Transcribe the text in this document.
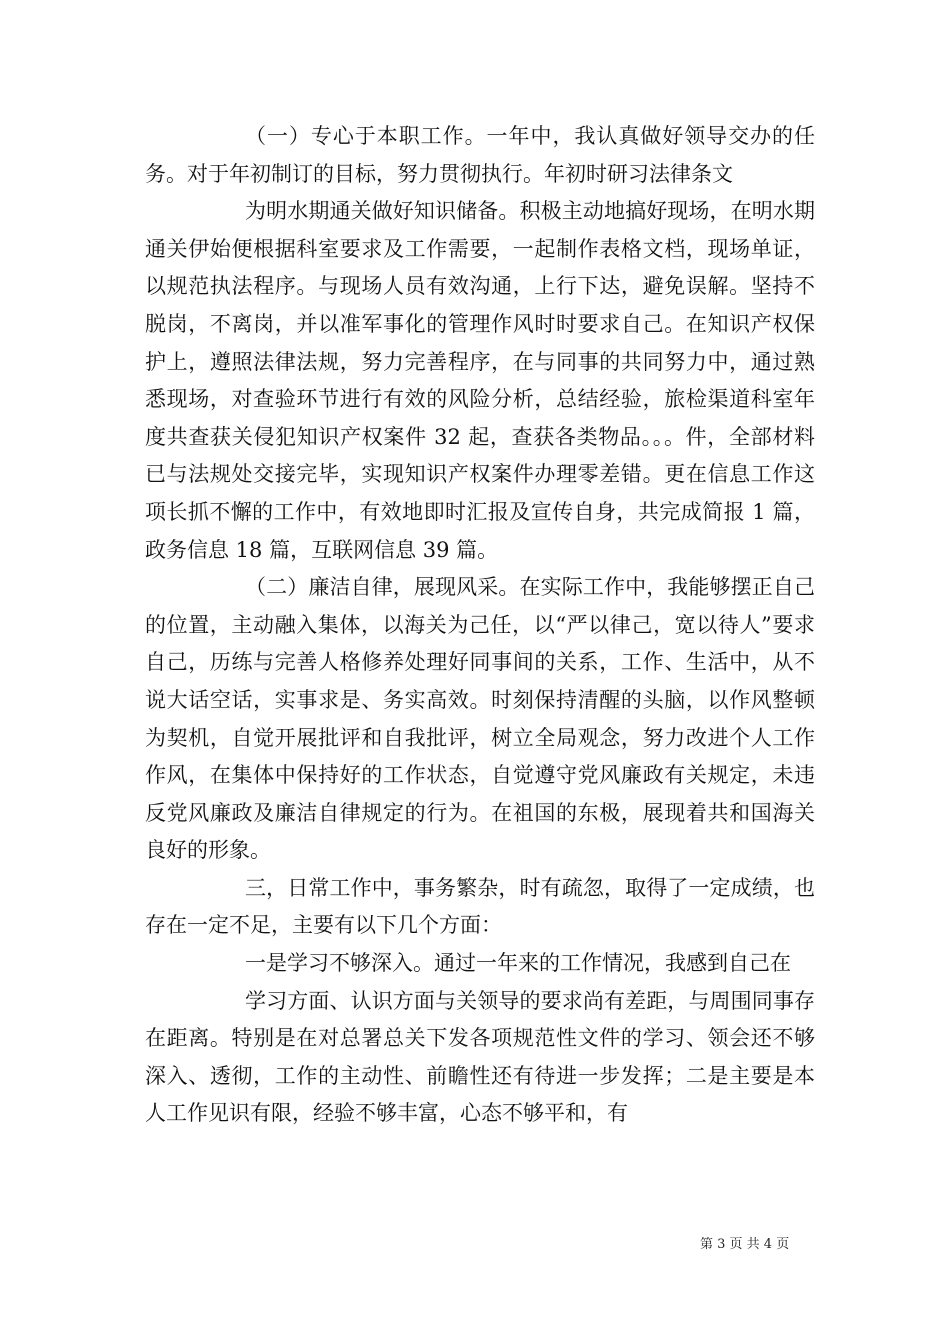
（一）专心于本职工作。一年中，我认真做好领导交办的任务。对于年初制订的目标，努力贯彻执行。年初时研习法律条文

为明水期通关做好知识储备。积极主动地搞好现场，在明水期通关伊始便根据科室要求及工作需要，一起制作表格文档，现场单证，以规范执法程序。与现场人员有效沟通，上行下达，避免误解。坚持不脱岗，不离岗，并以准军事化的管理作风时时要求自己。在知识产权保护上，遵照法律法规，努力完善程序，在与同事的共同努力中，通过熟悉现场，对查验环节进行有效的风险分析，总结经验，旅检渠道科室年度共查获关侵犯知识产权案件 32 起，查获各类物品。。。件，全部材料已与法规处交接完毕，实现知识产权案件办理零差错。更在信息工作这项长抓不懈的工作中，有效地即时汇报及宣传自身，共完成简报 1 篇，政务信息 18 篇，互联网信息 39 篇。

（二）廉洁自律，展现风采。在实际工作中，我能够摆正自己的位置，主动融入集体，以海关为己任，以“严以律己，宽以待人”要求自己，历练与完善人格修养处理好同事间的关系，工作、生活中，从不说大话空话，实事求是、务实高效。时刻保持清醒的头脑，以作风整顿为契机，自觉开展批评和自我批评，树立全局观念，努力改进个人工作作风，在集体中保持好的工作状态，自觉遵守党风廉政有关规定，未违反党风廉政及廉洁自律规定的行为。在祖国的东极，展现着共和国海关良好的形象。

三，日常工作中，事务繁杂，时有疏忽，取得了一定成绩，也存在一定不足，主要有以下几个方面：

一是学习不够深入。通过一年来的工作情况，我感到自己在

学习方面、认识方面与关领导的要求尚有差距，与周围同事存在距离。特别是在对总署总关下发各项规范性文件的学习、领会还不够深入、透彻，工作的主动性、前瞻性还有待进一步发挥；二是主要是本人工作见识有限，经验不够丰富，心态不够平和，有

第 3 页 共 4 页
